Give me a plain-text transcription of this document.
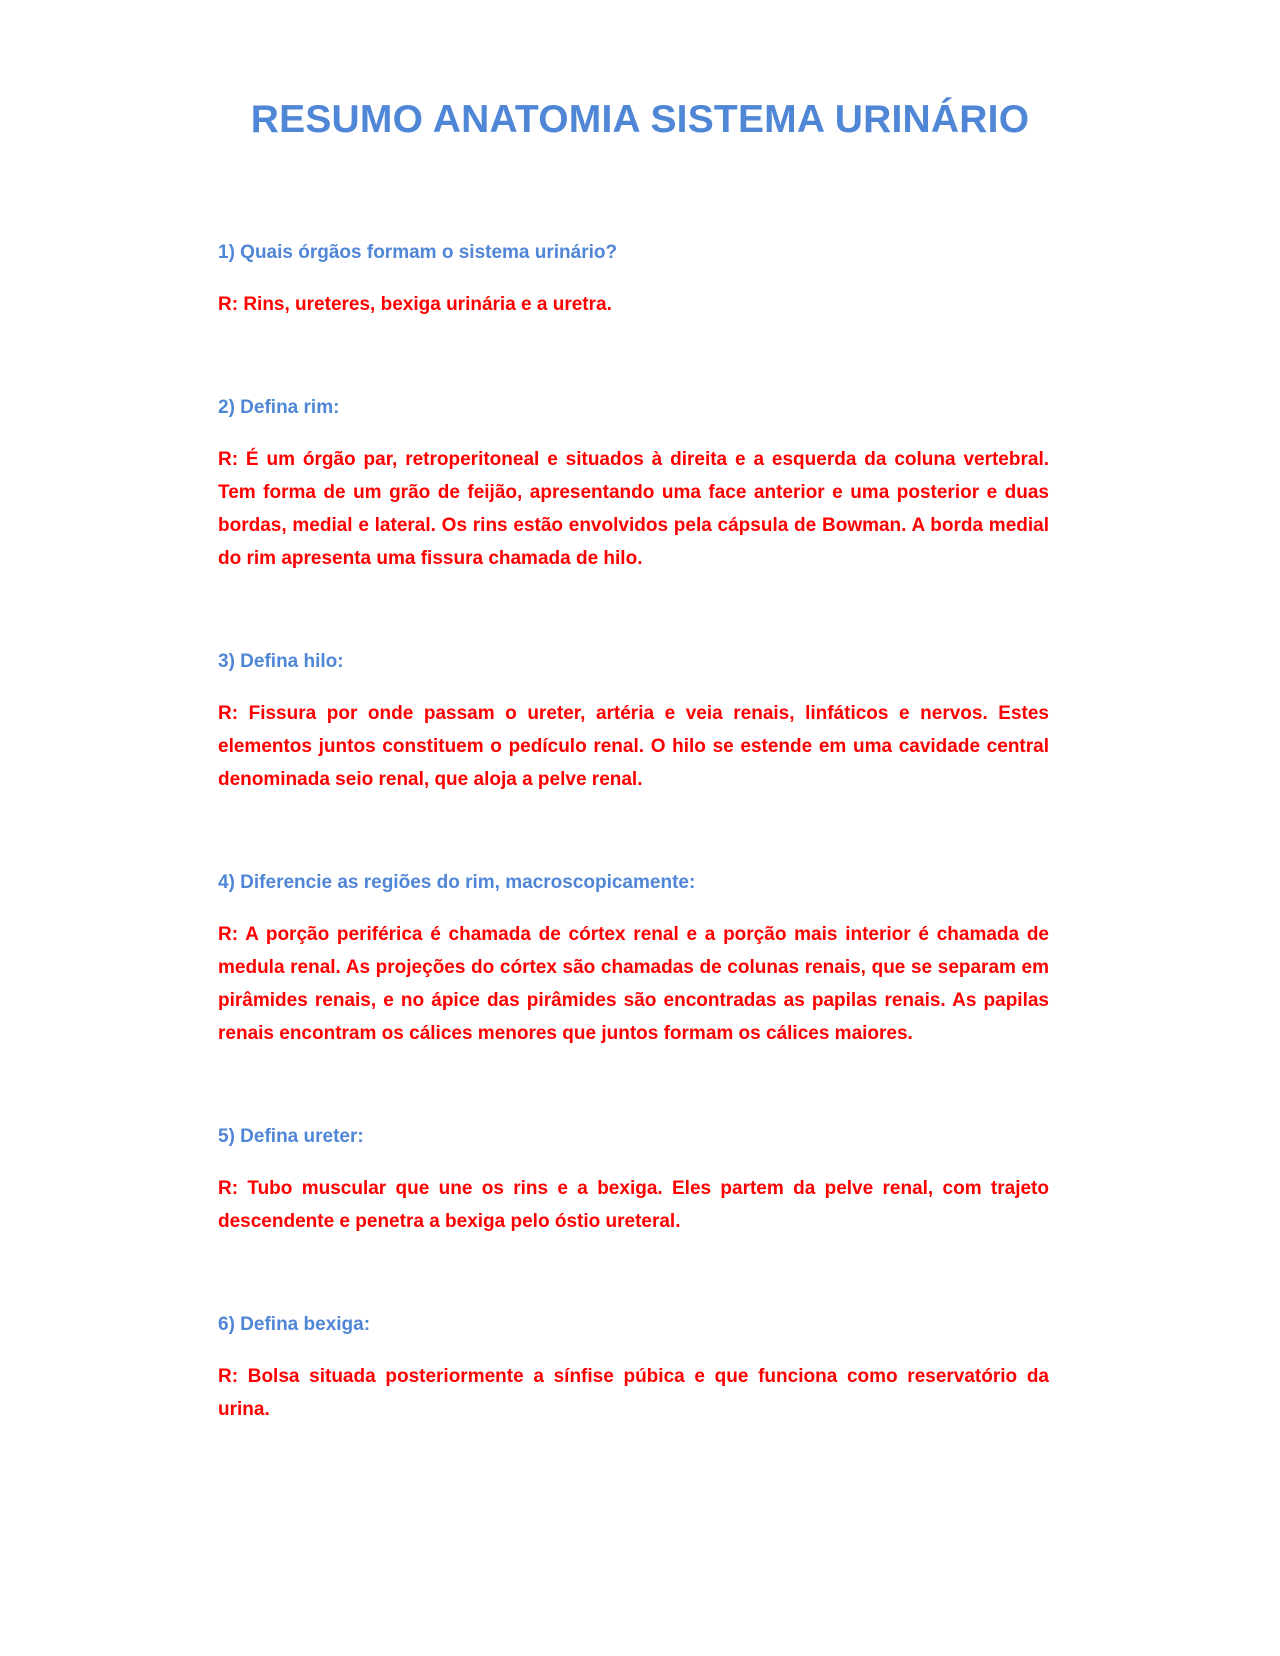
RESUMO ANATOMIA SISTEMA URINÁRIO

1) Quais órgãos formam o sistema urinário?

R: Rins, ureteres, bexiga urinária e a uretra.

2) Defina rim:

R: É um órgão par, retroperitoneal e situados à direita e a esquerda da coluna vertebral. Tem forma de um grão de feijão, apresentando uma face anterior e uma posterior e duas bordas, medial e lateral. Os rins estão envolvidos pela cápsula de Bowman. A borda medial do rim apresenta uma fissura chamada de hilo.

3) Defina hilo:

R: Fissura por onde passam o ureter, artéria e veia renais, linfáticos e nervos. Estes elementos juntos constituem o pedículo renal. O hilo se estende em uma cavidade central denominada seio renal, que aloja a pelve renal.

4) Diferencie as regiões do rim, macroscopicamente:

R: A porção periférica é chamada de córtex renal e a porção mais interior é chamada de medula renal. As projeções do córtex são chamadas de colunas renais, que se separam em pirâmides renais, e no ápice das pirâmides são encontradas as papilas renais. As papilas renais encontram os cálices menores que juntos formam os cálices maiores.

5) Defina ureter:

R: Tubo muscular que une os rins e a bexiga. Eles partem da pelve renal, com trajeto descendente e penetra a bexiga pelo óstio ureteral.

6) Defina bexiga:

R: Bolsa situada posteriormente a sínfise púbica e que funciona como reservatório da urina.
